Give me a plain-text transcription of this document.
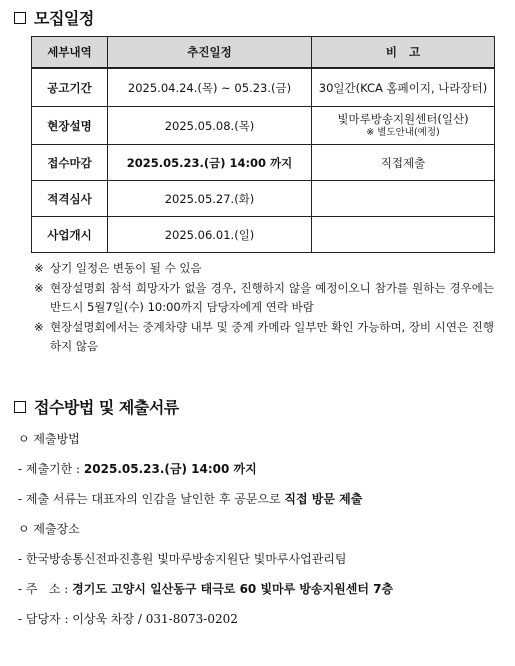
모집일정
세부내역	추진일정	비   고
공고기간	2025.04.24.(목) ~ 05.23.(금)	30일간(KCA 홈페이지, 나라장터)
현장설명	2025.05.08.(목)	빛마루방송지원센터(일산)
※ 별도안내(예정)

접수마감	2025.05.23.(금) 14:00 까지	직접제출
적격심사	2025.05.27.(화)	
사업개시	2025.06.01.(일)	
※ 상기 일정은 변동이 될 수 있음
※ 현장설명회 참석 희망자가 없을 경우, 진행하지 않을 예정이오니 참가를 원하는 경우에는 반드시 5월7일(수) 10:00까지 담당자에게 연락 바람
※ 현장설명회에서는 중계차량 내부 및 중계 카메라 일부만 확인 가능하며, 장비 시연은 진행하지 않음
접수방법 및 제출서류
ㅇ 제출방법
- 제출기한 : 2025.05.23.(금) 14:00 까지
- 제출 서류는 대표자의 인감을 날인한 후 공문으로 직접 방문 제출
ㅇ 제출장소
- 한국방송통신전파진흥원 빛마루방송지원단 빛마루사업관리팀
- 주   소 : 경기도 고양시 일산동구 태극로 60 빛마루 방송지원센터 7층
- 담당자 : 이상욱 차장 / 031-8073-0202
